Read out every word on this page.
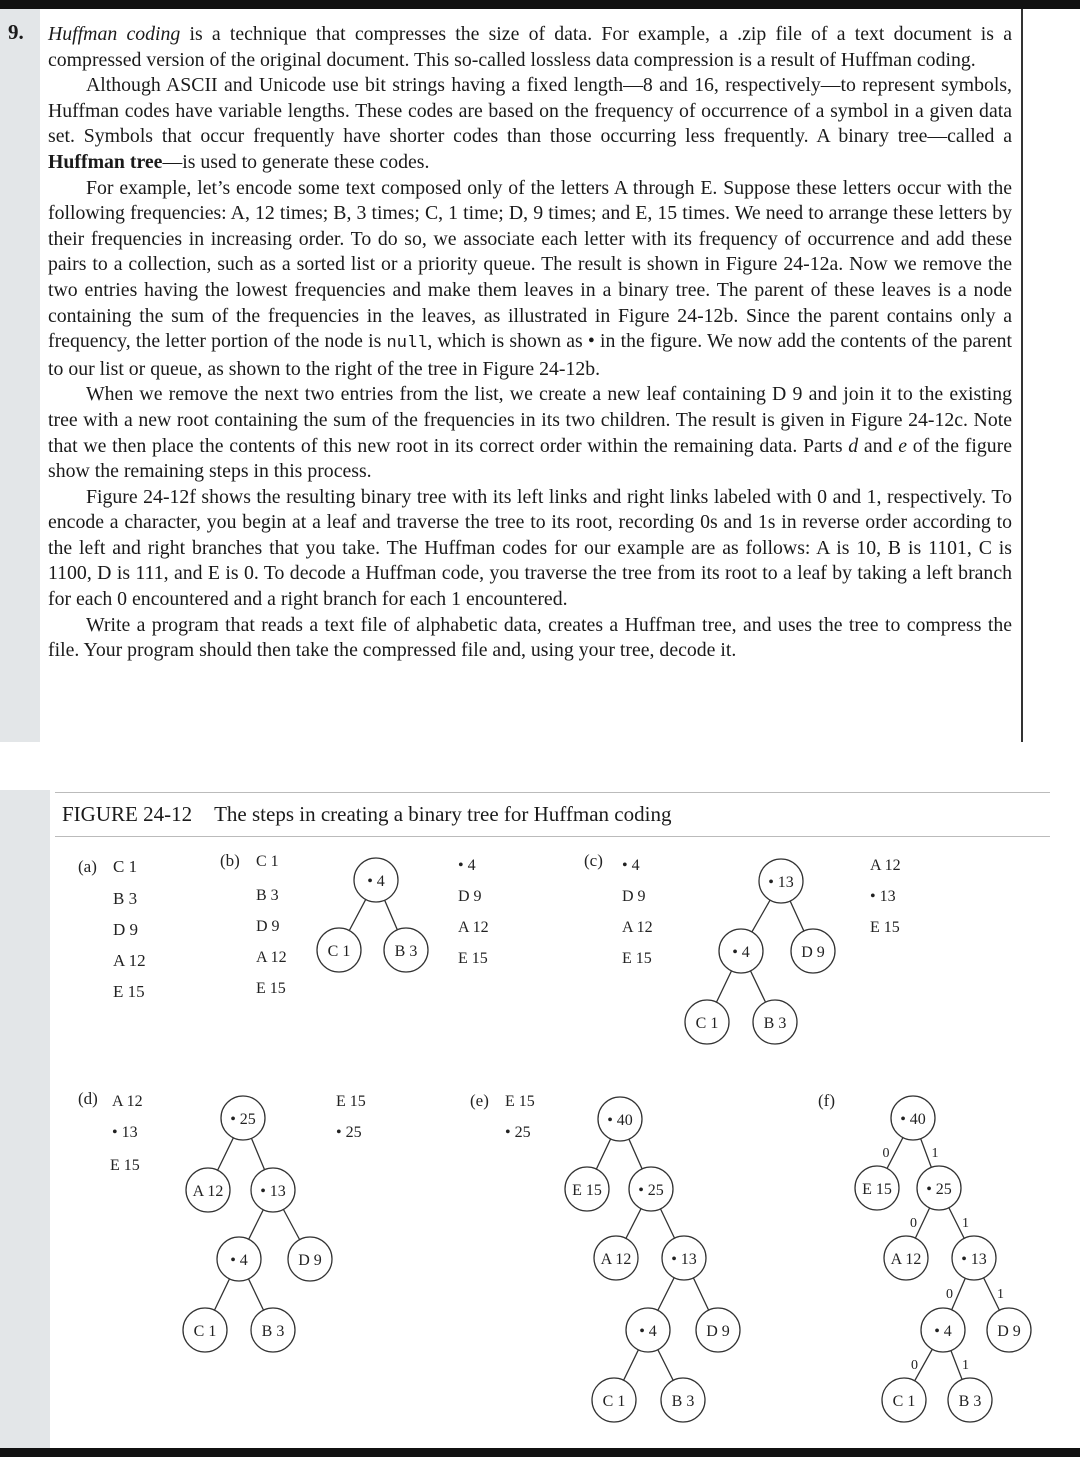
9. Huffman coding is a technique that compresses the size of data. For example, a .zip file of a text document is a compressed version of the original document. This so-called lossless data compression is a result of Huffman coding.

Although ASCII and Unicode use bit strings having a fixed length—8 and 16, respectively—to represent symbols, Huffman codes have variable lengths. These codes are based on the frequency of occurrence of a symbol in a given data set. Symbols that occur frequently have shorter codes than those occurring less frequently. A binary tree—called a Huffman tree—is used to generate these codes.

For example, let’s encode some text composed only of the letters A through E. Suppose these letters occur with the following frequencies: A, 12 times; B, 3 times; C, 1 time; D, 9 times; and E, 15 times. We need to arrange these letters by their frequencies in increasing order. To do so, we associate each letter with its frequency of occurrence and add these pairs to a collection, such as a sorted list or a priority queue. The result is shown in Figure 24-12a. Now we remove the two entries having the lowest frequencies and make them leaves in a binary tree. The parent of these leaves is a node containing the sum of the frequencies in the leaves, as illustrated in Figure 24-12b. Since the parent contains only a frequency, the letter portion of the node is null, which is shown as • in the figure. We now add the contents of the parent to our list or queue, as shown to the right of the tree in Figure 24-12b.

When we remove the next two entries from the list, we create a new leaf containing D 9 and join it to the existing tree with a new root containing the sum of the frequencies in its two children. The result is given in Figure 24-12c. Note that we then place the contents of this new root in its correct order within the remaining data. Parts d and e of the figure show the remaining steps in this process.

Figure 24-12f shows the resulting binary tree with its left links and right links labeled with 0 and 1, respectively. To encode a character, you begin at a leaf and traverse the tree to its root, recording 0s and 1s in reverse order according to the left and right branches that you take. The Huffman codes for our example are as follows: A is 10, B is 1101, C is 1100, D is 111, and E is 0. To decode a Huffman code, you traverse the tree from its root to a leaf by taking a left branch for each 0 encountered and a right branch for each 1 encountered.

Write a program that reads a text file of alphabetic data, creates a Huffman tree, and uses the tree to compress the file. Your program should then take the compressed file and, using your tree, decode it.

FIGURE 24-12 The steps in creating a binary tree for Huffman coding
(a)	(b)	(c)
(d)	(e)	(f)
C 1
B 3
D 9
A 12
E 15
C 1
B 3
D 9
A 12
E 15
• 4
C 1	B 3
• 4
D 9
A 12
E 15
• 4
D 9
A 12
E 15
• 13
• 4	D 9
C 1	B 3
A 12
• 13
E 15
A 12
• 13
E 15
• 25
A 12 • 13
• 4	D 9
C 1	B 3
E 15
• 25
E 15
• 25
• 40
E 15 • 25
A 12 • 13
• 4	D 9
C 1	B 3
• 40
E 15 • 25
A 12 • 13
• 4	D 9
C 1	B 3
0
0
0
0
1
1
1
1
